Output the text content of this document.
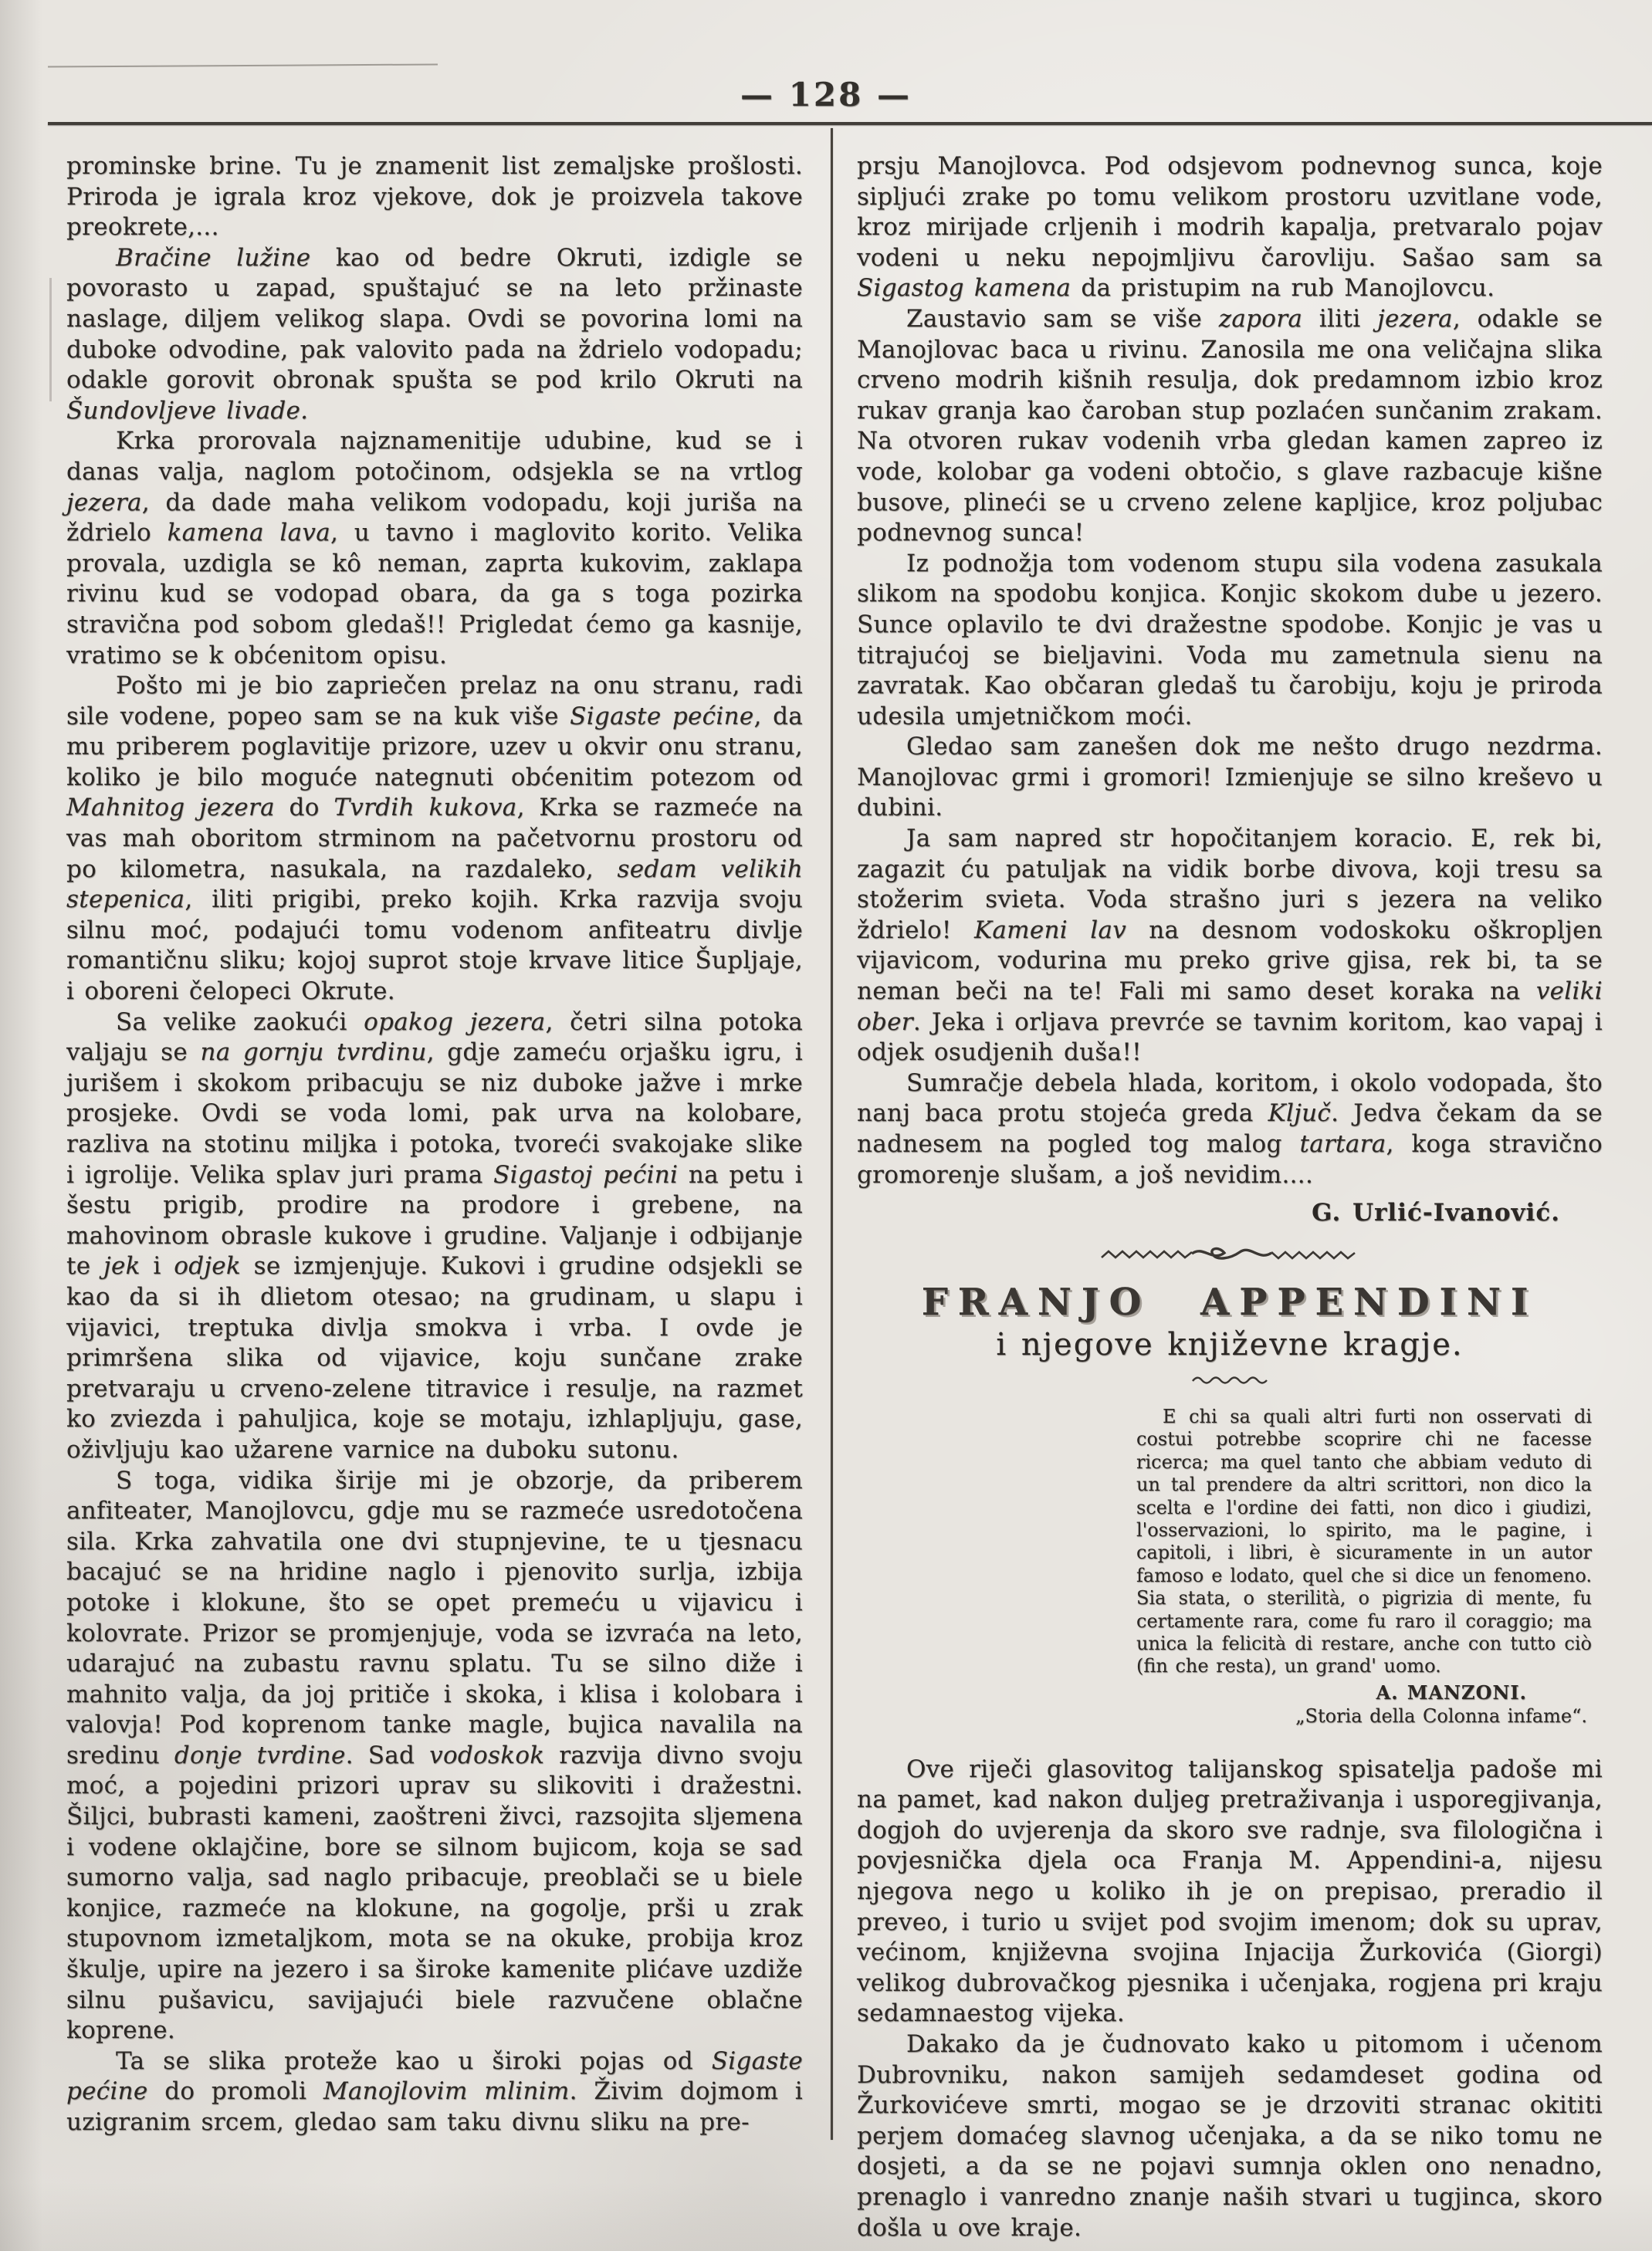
— 128 —

prominske brine. Tu je znamenit list zemaljske prošlosti. Priroda je igrala kroz vjekove, dok je proizvela takove preokrete,...

Bračine lužine kao od bedre Okruti, izdigle se povorasto u zapad, spuštajuć se na leto pržinaste naslage, diljem velikog slapa. Ovdi se povorina lomi na duboke odvodine, pak valovito pada na ždrielo vodopadu; odakle gorovit obronak spušta se pod krilo Okruti na Šundovljeve livade.

Krka prorovala najznamenitije udubine, kud se i danas valja, naglom potočinom, odsjekla se na vrtlog jezera, da dade maha velikom vodopadu, koji juriša na ždrielo kamena lava, u tavno i maglovito korito. Velika provala, uzdigla se kô neman, zaprta kukovim, zaklapa rivinu kud se vodopad obara, da ga s toga pozirka stravična pod sobom gledaš!! Prigledat ćemo ga kasnije, vratimo se k obćenitom opisu.

Pošto mi je bio zapriečen prelaz na onu stranu, radi sile vodene, popeo sam se na kuk više Sigaste pećine, da mu priberem poglavitije prizore, uzev u okvir onu stranu, koliko je bilo moguće nategnuti obćenitim potezom od Mahnitog jezera do Tvrdih kukova, Krka se razmeće na vas mah oboritom strminom na pačetvornu prostoru od po kilometra, nasukala, na razdaleko, sedam velikih stepenica, iliti prigibi, preko kojih. Krka razvija svoju silnu moć, podajući tomu vodenom anfiteatru divlje romantičnu sliku; kojoj suprot stoje krvave litice Šupljaje, i oboreni čelopeci Okrute.

Sa velike zaokući opakog jezera, četri silna potoka valjaju se na gornju tvrdinu, gdje zameću orjašku igru, i jurišem i skokom pribacuju se niz duboke jažve i mrke prosjeke. Ovdi se voda lomi, pak urva na kolobare, razliva na stotinu miljka i potoka, tvoreći svakojake slike i igrolije. Velika splav juri prama Sigastoj pećini na petu i šestu prigib, prodire na prodore i grebene, na mahovinom obrasle kukove i grudine. Valjanje i odbijanje te jek i odjek se izmjenjuje. Kukovi i grudine odsjekli se kao da si ih dlietom otesao; na grudinam, u slapu i vijavici, treptuka divlja smokva i vrba. I ovde je primršena slika od vijavice, koju sunčane zrake pretvaraju u crveno-zelene titravice i resulje, na razmet ko zviezda i pahuljica, koje se motaju, izhlapljuju, gase, oživljuju kao užarene varnice na duboku sutonu.

S toga, vidika širije mi je obzorje, da priberem anfiteater, Manojlovcu, gdje mu se razmeće usredotočena sila. Krka zahvatila one dvi stupnjevine, te u tjesnacu bacajuć se na hridine naglo i pjenovito surlja, izbija potoke i klokune, što se opet premeću u vijavicu i kolovrate. Prizor se promjenjuje, voda se izvraća na leto, udarajuć na zubastu ravnu splatu. Tu se silno diže i mahnito valja, da joj pritiče i skoka, i klisa i kolobara i valovja! Pod koprenom tanke magle, bujica navalila na sredinu donje tvrdine. Sad vodoskok razvija divno svoju moć, a pojedini prizori uprav su slikoviti i dražestni. Šiljci, bubrasti kameni, zaoštreni živci, razsojita sljemena i vodene oklajčine, bore se silnom bujicom, koja se sad sumorno valja, sad naglo pribacuje, preoblači se u biele konjice, razmeće na klokune, na gogolje, prši u zrak stupovnom izmetaljkom, mota se na okuke, probija kroz škulje, upire na jezero i sa široke kamenite plićave uzdiže silnu pušavicu, savijajući biele razvučene oblačne koprene.

Ta se slika proteže kao u široki pojas od Sigaste pećine do promoli Manojlovim mlinim. Živim dojmom i uzigranim srcem, gledao sam taku divnu sliku na pre-

prsju Manojlovca. Pod odsjevom podnevnog sunca, koje sipljući zrake po tomu velikom prostoru uzvitlane vode, kroz mirijade crljenih i modrih kapalja, pretvaralo pojav vodeni u neku nepojmljivu čarovliju. Sašao sam sa Sigastog kamena da pristupim na rub Manojlovcu.

Zaustavio sam se više zapora iliti jezera, odakle se Manojlovac baca u rivinu. Zanosila me ona veličajna slika crveno modrih kišnih resulja, dok predamnom izbio kroz rukav granja kao čaroban stup pozlaćen sunčanim zrakam. Na otvoren rukav vodenih vrba gledan kamen zapreo iz vode, kolobar ga vodeni obtočio, s glave razbacuje kišne busove, plineći se u crveno zelene kapljice, kroz poljubac podnevnog sunca!

Iz podnožja tom vodenom stupu sila vodena zasukala slikom na spodobu konjica. Konjic skokom dube u jezero. Sunce oplavilo te dvi dražestne spodobe. Konjic je vas u titrajućoj se bieljavini. Voda mu zametnula sienu na zavratak. Kao občaran gledaš tu čarobiju, koju je priroda udesila umjetničkom moći.

Gledao sam zanešen dok me nešto drugo nezdrma. Manojlovac grmi i gromori! Izmienjuje se silno kreševo u dubini.

Ja sam napred str hopočitanjem koracio. E, rek bi, zagazit ću patuljak na vidik borbe divova, koji tresu sa stožerim svieta. Voda strašno juri s jezera na veliko ždrielo! Kameni lav na desnom vodoskoku oškropljen vijavicom, vodurina mu preko grive gjisa, rek bi, ta se neman beči na te! Fali mi samo deset koraka na veliki ober. Jeka i orljava prevrće se tavnim koritom, kao vapaj i odjek osudjenih duša!!

Sumračje debela hlada, koritom, i okolo vodopada, što nanj baca protu stojeća greda Ključ. Jedva čekam da se nadnesem na pogled tog malog tartara, koga stravično gromorenje slušam, a još nevidim....

G. Urlić-Ivanović.
FRANJO APPENDINI
i njegove književne kragje.
E chi sa quali altri furti non osservati di costui potrebbe scoprire chi ne facesse ricerca; ma quel tanto che abbiam veduto di un tal prendere da altri scrittori, non dico la scelta e l'ordine dei fatti, non dico i giudizi, l'osservazioni, lo spirito, ma le pagine, i capitoli, i libri, è sicuramente in un autor famoso e lodato, quel che si dice un fenomeno. Sia stata, o sterilità, o pigrizia di mente, fu certamente rara, come fu raro il coraggio; ma unica la felicità di restare, anche con tutto ciò (fin che resta), un grand' uomo.
A. MANZONI.
„Storia della Colonna infame“.

Ove riječi glasovitog talijanskog spisatelja padoše mi na pamet, kad nakon duljeg pretraživanja i usporegjivanja, dogjoh do uvjerenja da skoro sve radnje, sva filologična i povjesnička djela oca Franja M. Appendini-a, nijesu njegova nego u koliko ih je on prepisao, preradio il preveo, i turio u svijet pod svojim imenom; dok su uprav, većinom, književna svojina Injacija Žurkovića (Giorgi) velikog dubrovačkog pjesnika i učenjaka, rogjena pri kraju sedamnaestog vijeka.

Dakako da je čudnovato kako u pitomom i učenom Dubrovniku, nakon samijeh sedamdeset godina od Žurkovićeve smrti, mogao se je drzoviti stranac okititi perjem domaćeg slavnog učenjaka, a da se niko tomu ne dosjeti, a da se ne pojavi sumnja oklen ono nenadno, prenaglo i vanredno znanje naših stvari u tugjinca, skoro došla u ove kraje.
